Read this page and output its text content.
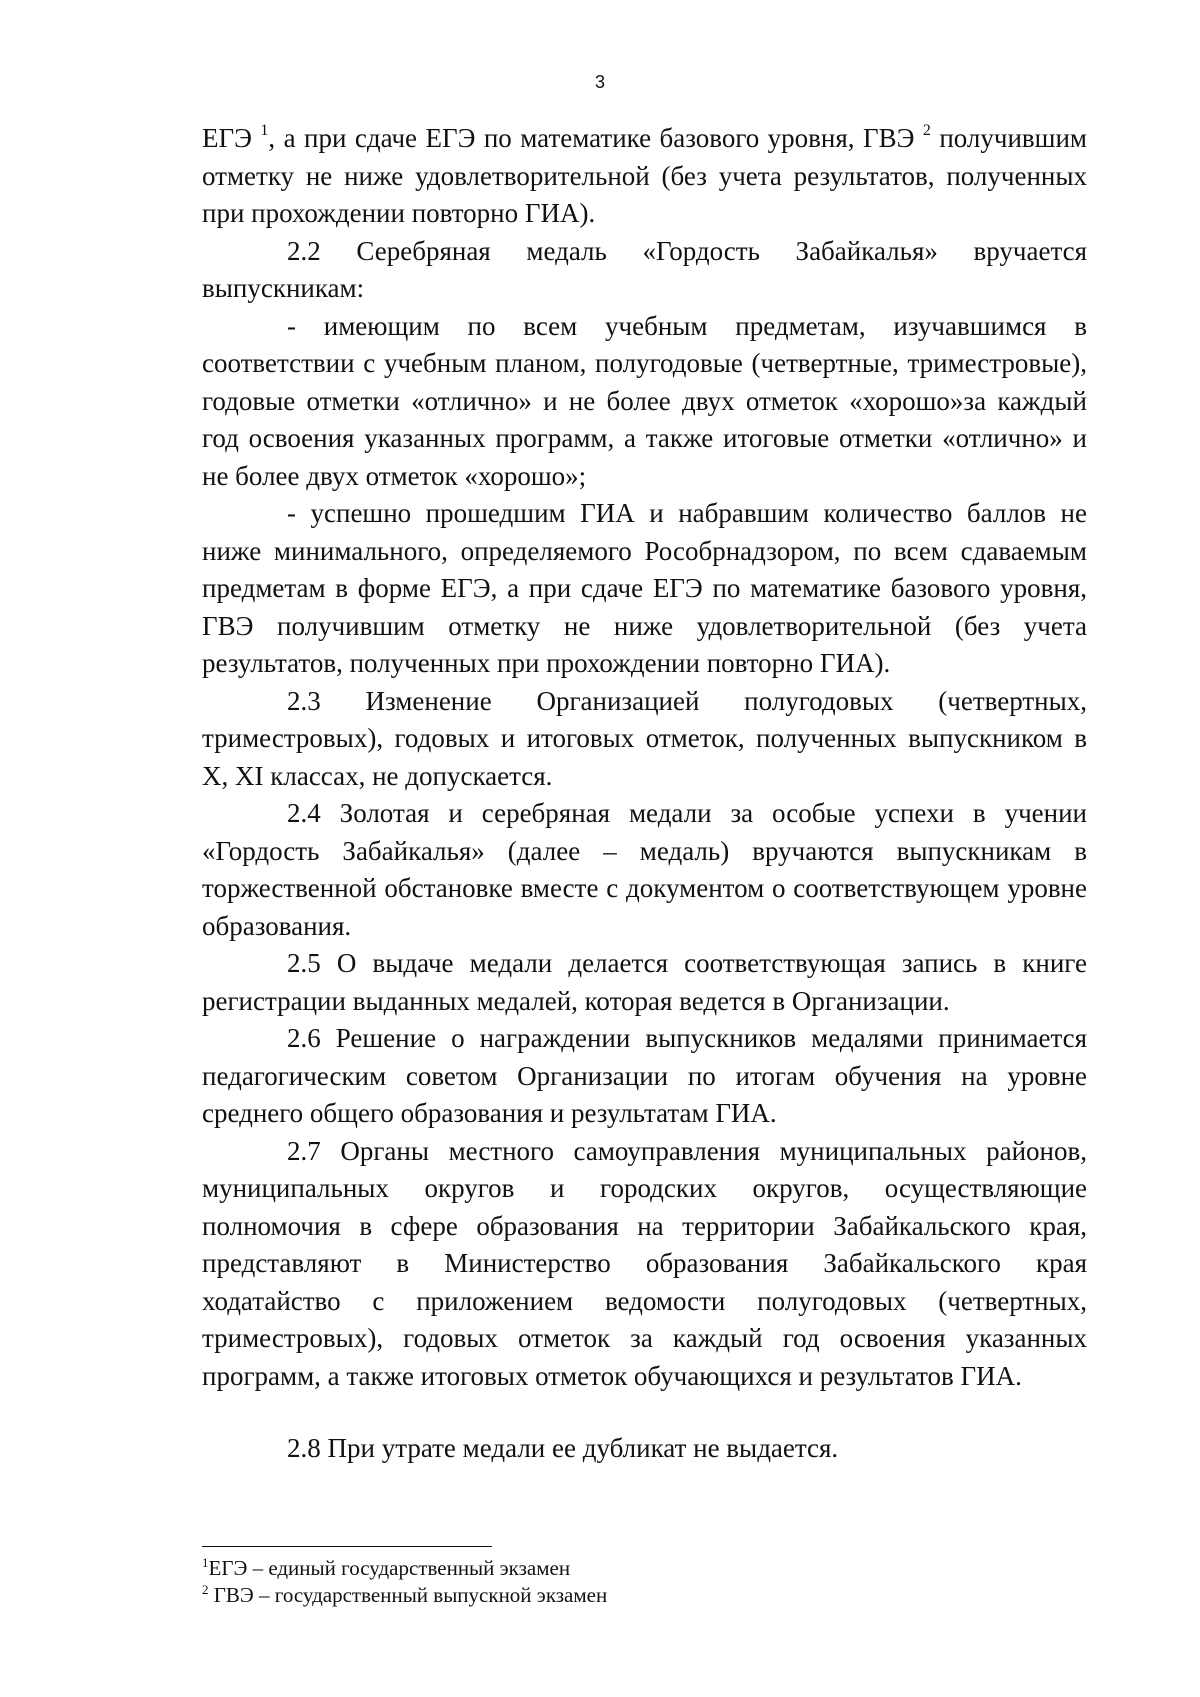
3

ЕГЭ $^1$, а при сдаче ЕГЭ по математике базового уровня, ГВЭ $^2$ получившим отметку не ниже удовлетворительной (без учета результатов, полученных при прохождении повторно ГИА).

2.2 Серебряная медаль «Гордость Забайкалья» вручается выпускникам:

- имеющим по всем учебным предметам, изучавшимся в соответствии с учебным планом, полугодовые (четвертные, триместровые), годовые отметки «отлично» и не более двух отметок «хорошо»за каждый год освоения указанных программ, а также итоговые отметки «отлично» и не более двух отметок «хорошо»;

- успешно прошедшим ГИА и набравшим количество баллов не ниже минимального, определяемого Рособрнадзором, по всем сдаваемым предметам в форме ЕГЭ, а при сдаче ЕГЭ по математике базового уровня, ГВЭ получившим отметку не ниже удовлетворительной (без учета результатов, полученных при прохождении повторно ГИА).

2.3 Изменение Организацией полугодовых (четвертных, триместровых), годовых и итоговых отметок, полученных выпускником в X, XI классах, не допускается.

2.4 Золотая и серебряная медали за особые успехи в учении «Гордость Забайкалья» (далее – медаль) вручаются выпускникам в торжественной обстановке вместе с документом о соответствующем уровне образования.

2.5 О выдаче медали делается соответствующая запись в книге регистрации выданных медалей, которая ведется в Организации.

2.6 Решение о награждении выпускников медалями принимается педагогическим советом Организации по итогам обучения на уровне среднего общего образования и результатам ГИА.

2.7 Органы местного самоуправления муниципальных районов, муниципальных округов и городских округов, осуществляющие полномочия в сфере образования на территории Забайкальского края, представляют в Министерство образования Забайкальского края ходатайство с приложением ведомости полугодовых (четвертных, триместровых), годовых отметок за каждый год освоения указанных программ, а также итоговых отметок обучающихся и результатов ГИА.

2.8 При утрате медали ее дубликат не выдается.

$^1$ЕГЭ – единый государственный экзамен

$^2$ ГВЭ – государственный выпускной экзамен
